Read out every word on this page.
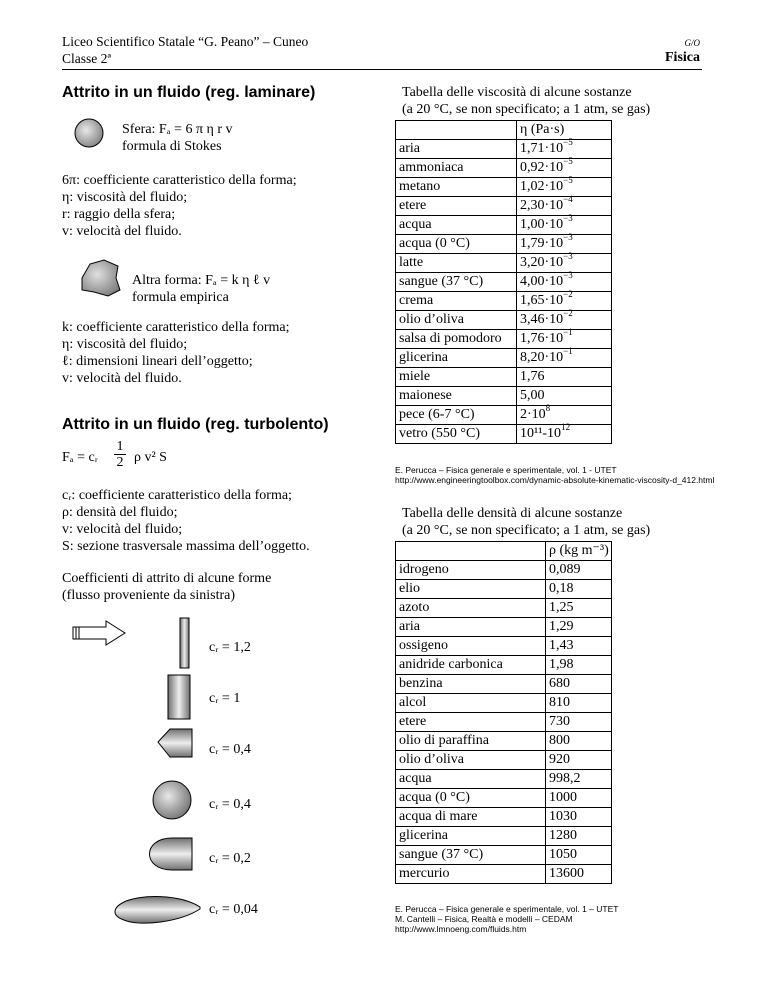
Liceo Scientifico Statale “G. Peano” – Cuneo
Classe 2ª
G/O
Fisica
Attrito in un fluido (reg. laminare)
Sfera: Fₐ = 6 π η r v
formula di Stokes
6π: coefficiente caratteristico della forma;
η: viscosità del fluido;
r: raggio della sfera;
v: velocità del fluido.
Altra forma: Fₐ = k η ℓ v
formula empirica
k: coefficiente caratteristico della forma;
η: viscosità del fluido;
ℓ: dimensioni lineari dell’oggetto;
v: velocità del fluido.
Attrito in un fluido (reg. turbolento)
Fₐ = cᵣ $\frac{1}{2}$ ρ v² S
cᵣ: coefficiente caratteristico della forma;
ρ: densità del fluido;
v: velocità del fluido;
S: sezione trasversale massima dell’oggetto.
Coefficienti di attrito di alcune forme
(flusso proveniente da sinistra)
cᵣ = 1,2
cᵣ = 1
cᵣ = 0,4
cᵣ = 0,4
cᵣ = 0,2
cᵣ = 0,04
Tabella delle viscosità di alcune sostanze
(a 20 °C, se non specificato; a 1 atm, se gas)
	η (Pa·s)
aria	$1,71\cdot 10^{-5}$
ammoniaca	$0,92\cdot 10^{-5}$
metano	$1,02\cdot 10^{-5}$
etere	$2,30\cdot 10^{-4}$
acqua	$1,00\cdot 10^{-3}$
acqua (0 °C)	$1,79\cdot 10^{-3}$
latte	$3,20\cdot 10^{-3}$
sangue (37 °C)	$4,00\cdot 10^{-3}$
crema	$1,65\cdot 10^{-2}$
olio d’oliva	$3,46\cdot 10^{-2}$
salsa di pomodoro	$1,76\cdot 10^{-1}$
glicerina	$8,20\cdot 10^{-1}$
miele	1,76
maionese	5,00
pece (6-7 °C)	$2\cdot 10^8$
vetro (550 °C)	$10^{11}-10^{12}$
E. Perucca – Fisica generale e sperimentale, vol. 1 - UTET
http://www.engineeringtoolbox.com/dynamic-absolute-kinematic-viscosity-d_412.html
Tabella delle densità di alcune sostanze
(a 20 °C, se non specificato; a 1 atm, se gas)
	ρ (kg m⁻³)
idrogeno	0,089
elio	0,18
azoto	1,25
aria	1,29
ossigeno	1,43
anidride carbonica	1,98
benzina	680
alcol	810
etere	730
olio di paraffina	800
olio d’oliva	920
acqua	998,2
acqua (0 °C)	1000
acqua di mare	1030
glicerina	1280
sangue (37 °C)	1050
mercurio	13600
E. Perucca – Fisica generale e sperimentale, vol. 1 – UTET
M. Cantelli – Fisica, Realtà e modelli – CEDAM
http://www.lmnoeng.com/fluids.htm
